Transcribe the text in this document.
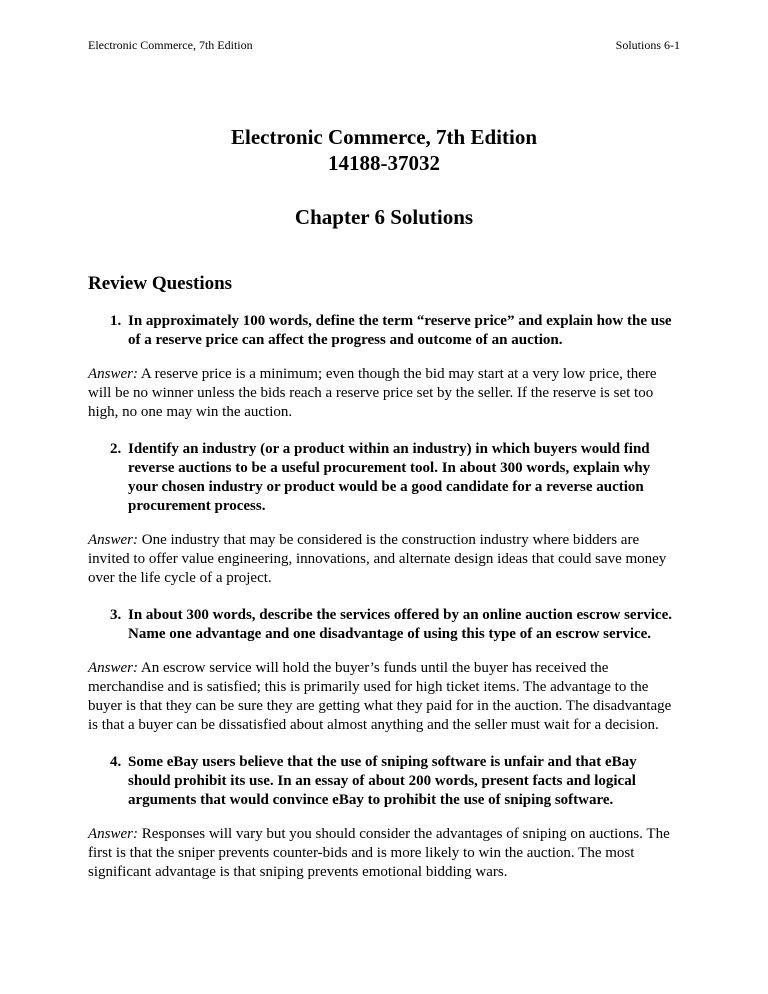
Electronic Commerce, 7th Edition	Solutions 6-1
Electronic Commerce, 7th Edition
14188-37032
Chapter 6 Solutions
Review Questions
1. In approximately 100 words, define the term “reserve price” and explain how the use of a reserve price can affect the progress and outcome of an auction.

Answer: A reserve price is a minimum; even though the bid may start at a very low price, there will be no winner unless the bids reach a reserve price set by the seller. If the reserve is set too high, no one may win the auction.

2. Identify an industry (or a product within an industry) in which buyers would find reverse auctions to be a useful procurement tool. In about 300 words, explain why your chosen industry or product would be a good candidate for a reverse auction procurement process.

Answer: One industry that may be considered is the construction industry where bidders are invited to offer value engineering, innovations, and alternate design ideas that could save money over the life cycle of a project.

3. In about 300 words, describe the services offered by an online auction escrow service. Name one advantage and one disadvantage of using this type of an escrow service.

Answer: An escrow service will hold the buyer’s funds until the buyer has received the merchandise and is satisfied; this is primarily used for high ticket items. The advantage to the buyer is that they can be sure they are getting what they paid for in the auction. The disadvantage is that a buyer can be dissatisfied about almost anything and the seller must wait for a decision.

4. Some eBay users believe that the use of sniping software is unfair and that eBay should prohibit its use. In an essay of about 200 words, present facts and logical arguments that would convince eBay to prohibit the use of sniping software.

Answer: Responses will vary but you should consider the advantages of sniping on auctions. The first is that the sniper prevents counter-bids and is more likely to win the auction. The most significant advantage is that sniping prevents emotional bidding wars.
